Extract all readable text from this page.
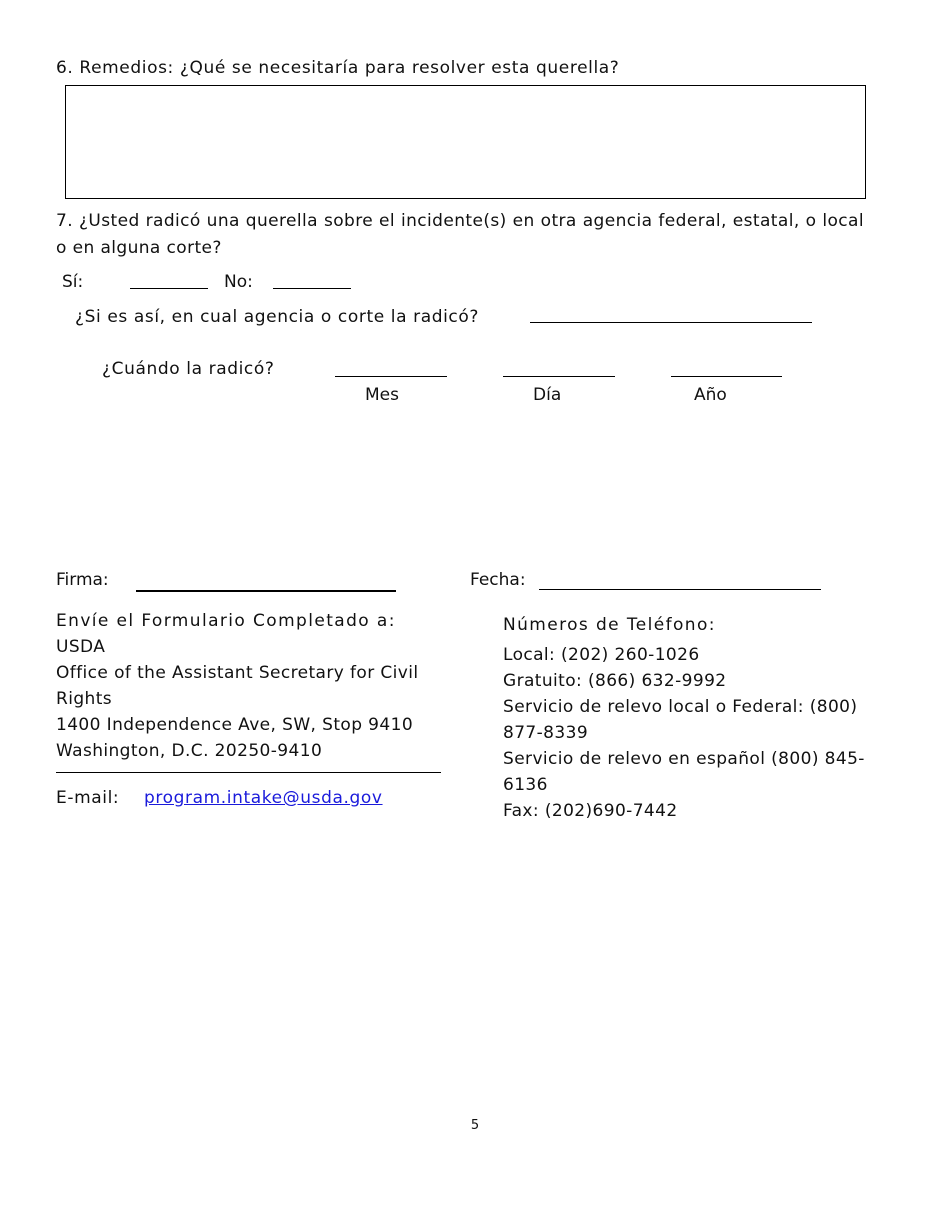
6. Remedios: ¿Qué se necesitaría para resolver esta querella?
7. ¿Usted radicó una querella sobre el incidente(s) en otra agencia federal, estatal, o local o en alguna corte?
Sí:	No:
¿Si es así, en cual agencia o corte la radicó?
¿Cuándo la radicó?
Mes	Día	Año
Firma:	Fecha:
Envíe el Formulario Completado a:
USDA
Office of the Assistant Secretary for Civil
Rights
1400 Independence Ave, SW, Stop 9410
Washington, D.C. 20250-9410
E-mail: program.intake@usda.gov
Números de Teléfono:
Local: (202) 260-1026
Gratuito: (866) 632-9992
Servicio de relevo local o Federal: (800)
877-8339
Servicio de relevo en español (800) 845-
6136
Fax: (202)690-7442
5
